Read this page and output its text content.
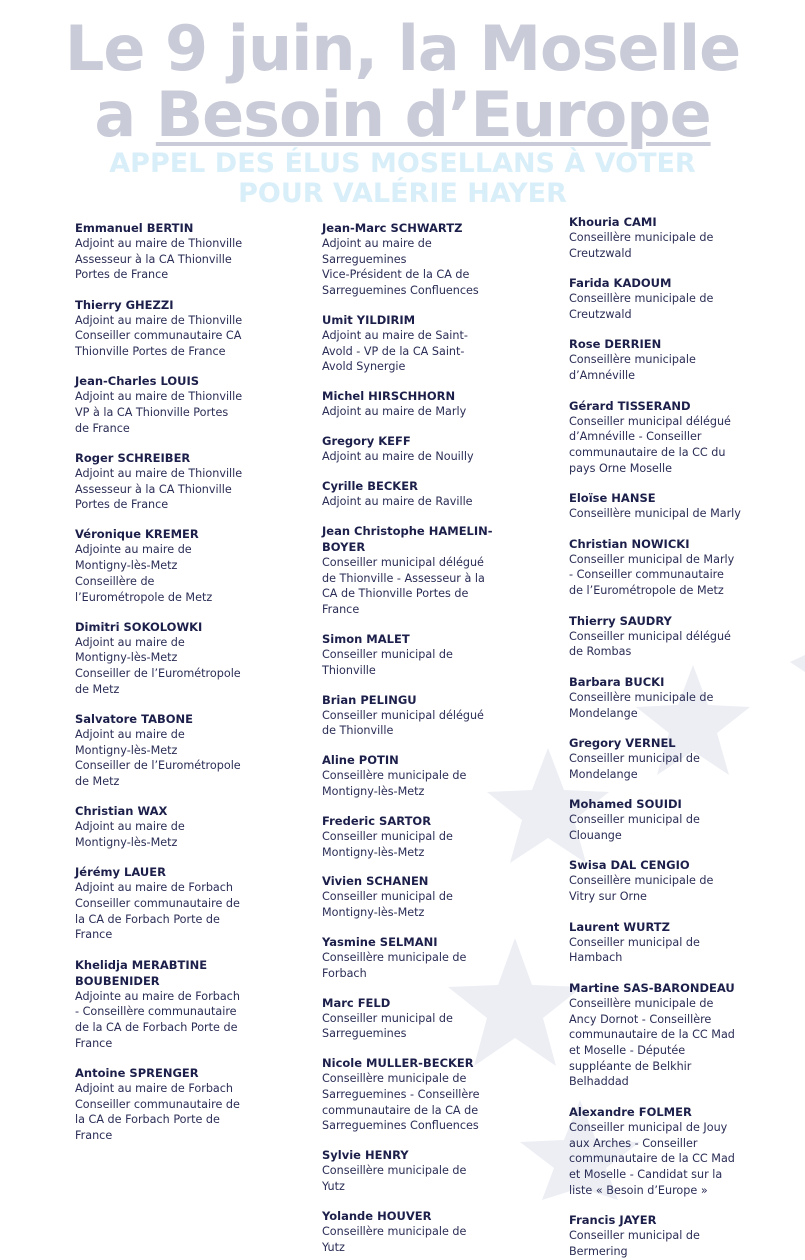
Le 9 juin, la Moselle
a Besoin d’Europe
APPEL DES ÉLUS MOSELLANS À VOTER
POUR VALÉRIE HAYER
Emmanuel BERTIN
Adjoint au maire de Thionville
Assesseur à la CA Thionville
Portes de France
Thierry GHEZZI
Adjoint au maire de Thionville
Conseiller communautaire CA
Thionville Portes de France
Jean-Charles LOUIS
Adjoint au maire de Thionville
VP à la CA Thionville Portes
de France
Roger SCHREIBER
Adjoint au maire de Thionville
Assesseur à la CA Thionville
Portes de France
Véronique KREMER
Adjointe au maire de
Montigny-lès-Metz
Conseillère de
l’Eurométropole de Metz
Dimitri SOKOLOWKI
Adjoint au maire de
Montigny-lès-Metz
Conseiller de l’Eurométropole
de Metz
Salvatore TABONE
Adjoint au maire de
Montigny-lès-Metz
Conseiller de l’Eurométropole
de Metz
Christian WAX
Adjoint au maire de
Montigny-lès-Metz
Jérémy LAUER
Adjoint au maire de Forbach
Conseiller communautaire de
la CA de Forbach Porte de
France
Khelidja MERABTINE
BOUBENIDER
Adjointe au maire de Forbach
- Conseillère communautaire
de la CA de Forbach Porte de
France
Antoine SPRENGER
Adjoint au maire de Forbach
Conseiller communautaire de
la CA de Forbach Porte de
France
Jean-Marc SCHWARTZ
Adjoint au maire de
Sarreguemines
Vice-Président de la CA de
Sarreguemines Confluences
Umit YILDIRIM
Adjoint au maire de Saint-
Avold - VP de la CA Saint-
Avold Synergie
Michel HIRSCHHORN
Adjoint au maire de Marly
Gregory KEFF
Adjoint au maire de Nouilly
Cyrille BECKER
Adjoint au maire de Raville
Jean Christophe HAMELIN-
BOYER
Conseiller municipal délégué
de Thionville - Assesseur à la
CA de Thionville Portes de
France
Simon MALET
Conseiller municipal de
Thionville
Brian PELINGU
Conseiller municipal délégué
de Thionville
Aline POTIN
Conseillère municipale de
Montigny-lès-Metz
Frederic SARTOR
Conseiller municipal de
Montigny-lès-Metz
Vivien SCHANEN
Conseiller municipal de
Montigny-lès-Metz
Yasmine SELMANI
Conseillère municipale de
Forbach
Marc FELD
Conseiller municipal de
Sarreguemines
Nicole MULLER-BECKER
Conseillère municipale de
Sarreguemines - Conseillère
communautaire de la CA de
Sarreguemines Confluences
Sylvie HENRY
Conseillère municipale de
Yutz
Yolande HOUVER
Conseillère municipale de
Yutz
Khouria CAMI
Conseillère municipale de
Creutzwald
Farida KADOUM
Conseillère municipale de
Creutzwald
Rose DERRIEN
Conseillère municipale
d’Amnéville
Gérard TISSERAND
Conseiller municipal délégué
d’Amnéville - Conseiller
communautaire de la CC du
pays Orne Moselle
Eloïse HANSE
Conseillère municipal de Marly
Christian NOWICKI
Conseiller municipal de Marly
- Conseiller communautaire
de l’Eurométropole de Metz
Thierry SAUDRY
Conseiller municipal délégué
de Rombas
Barbara BUCKI
Conseillère municipale de
Mondelange
Gregory VERNEL
Conseiller municipal de
Mondelange
Mohamed SOUIDI
Conseiller municipal de
Clouange
Swisa DAL CENGIO
Conseillère municipale de
Vitry sur Orne
Laurent WURTZ
Conseiller municipal de
Hambach
Martine SAS-BARONDEAU
Conseillère municipale de
Ancy Dornot - Conseillère
communautaire de la CC Mad
et Moselle - Députée
suppléante de Belkhir
Belhaddad
Alexandre FOLMER
Conseiller municipal de Jouy
aux Arches - Conseiller
communautaire de la CC Mad
et Moselle - Candidat sur la
liste « Besoin d’Europe »
Francis JAYER
Conseiller municipal de
Bermering
